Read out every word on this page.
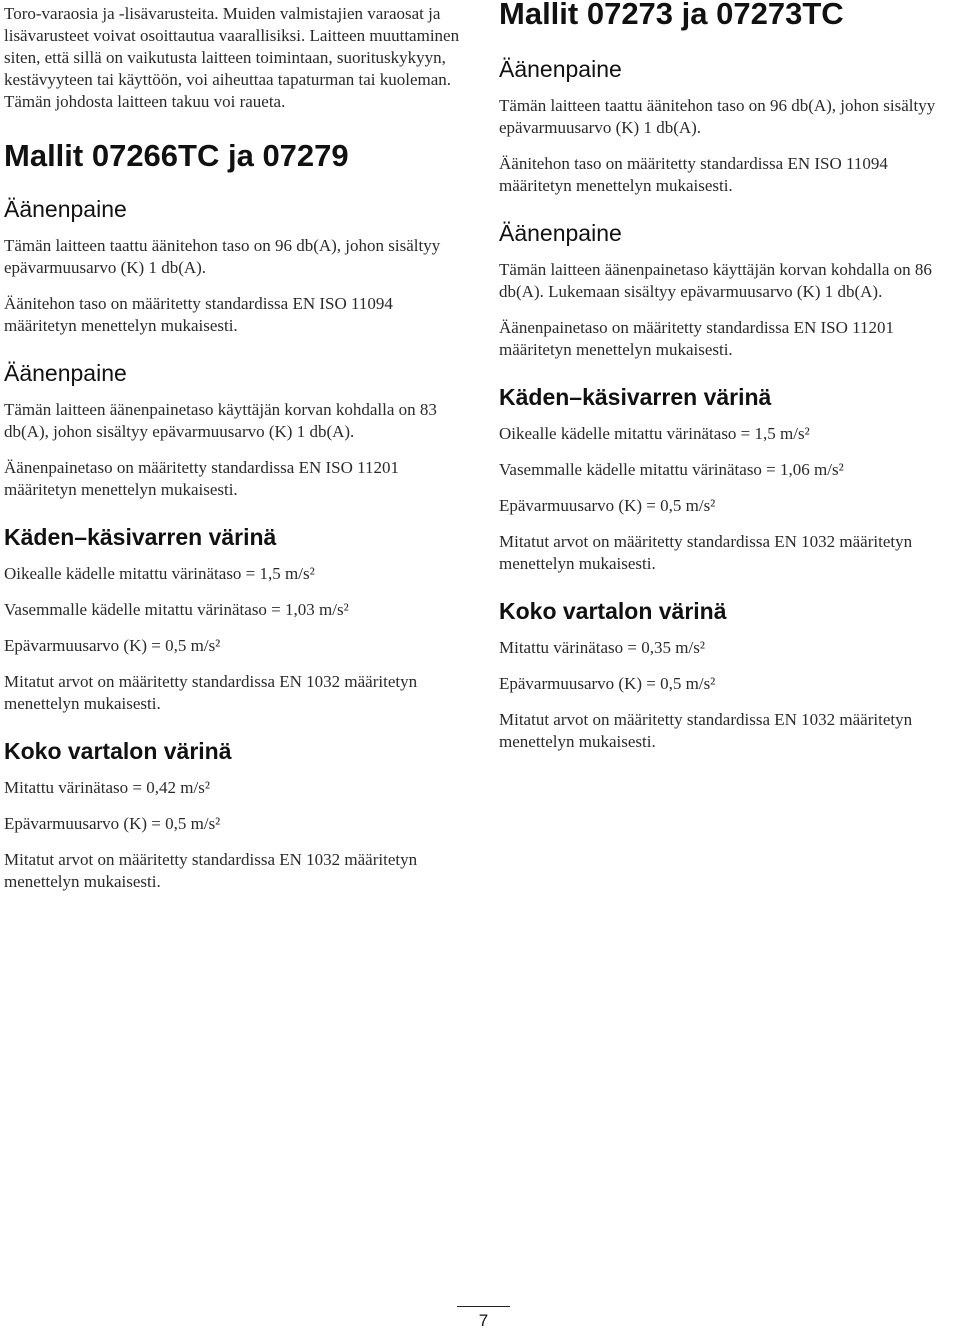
Toro-varaosia ja -lisävarusteita. Muiden valmistajien varaosat ja lisävarusteet voivat osoittautua vaarallisiksi. Laitteen muuttaminen siten, että sillä on vaikutusta laitteen toimintaan, suorituskykyyn, kestävyyteen tai käyttöön, voi aiheuttaa tapaturman tai kuoleman. Tämän johdosta laitteen takuu voi raueta.

Mallit 07266TC ja 07279
Äänenpaine

Tämän laitteen taattu äänitehon taso on 96 db(A), johon sisältyy epävarmuusarvo (K) 1 db(A).

Äänitehon taso on määritetty standardissa EN ISO 11094 määritetyn menettelyn mukaisesti.

Äänenpaine

Tämän laitteen äänenpainetaso käyttäjän korvan kohdalla on 83 db(A), johon sisältyy epävarmuusarvo (K) 1 db(A).

Äänenpainetaso on määritetty standardissa EN ISO 11201 määritetyn menettelyn mukaisesti.

Käden–käsivarren värinä

Oikealle kädelle mitattu värinätaso = 1,5 m/s²

Vasemmalle kädelle mitattu värinätaso = 1,03 m/s²

Epävarmuusarvo (K) = 0,5 m/s²

Mitatut arvot on määritetty standardissa EN 1032 määritetyn menettelyn mukaisesti.

Koko vartalon värinä

Mitattu värinätaso = 0,42 m/s²

Epävarmuusarvo (K) = 0,5 m/s²

Mitatut arvot on määritetty standardissa EN 1032 määritetyn menettelyn mukaisesti.

Mallit 07273 ja 07273TC
Äänenpaine

Tämän laitteen taattu äänitehon taso on 96 db(A), johon sisältyy epävarmuusarvo (K) 1 db(A).

Äänitehon taso on määritetty standardissa EN ISO 11094 määritetyn menettelyn mukaisesti.

Äänenpaine

Tämän laitteen äänenpainetaso käyttäjän korvan kohdalla on 86 db(A). Lukemaan sisältyy epävarmuusarvo (K) 1 db(A).

Äänenpainetaso on määritetty standardissa EN ISO 11201 määritetyn menettelyn mukaisesti.

Käden–käsivarren värinä

Oikealle kädelle mitattu värinätaso = 1,5 m/s²

Vasemmalle kädelle mitattu värinätaso = 1,06 m/s²

Epävarmuusarvo (K) = 0,5 m/s²

Mitatut arvot on määritetty standardissa EN 1032 määritetyn menettelyn mukaisesti.

Koko vartalon värinä

Mitattu värinätaso = 0,35 m/s²

Epävarmuusarvo (K) = 0,5 m/s²

Mitatut arvot on määritetty standardissa EN 1032 määritetyn menettelyn mukaisesti.

7
